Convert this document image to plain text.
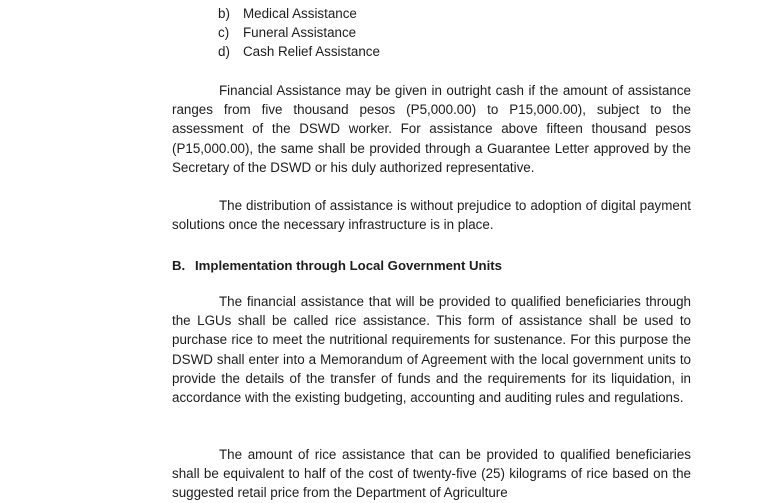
b) Medical Assistance
c) Funeral Assistance
d) Cash Relief Assistance

Financial Assistance may be given in outright cash if the amount of assistance ranges from five thousand pesos (P5,000.00) to P15,000.00), subject to the assessment of the DSWD worker. For assistance above fifteen thousand pesos (P15,000.00), the same shall be provided through a Guarantee Letter approved by the Secretary of the DSWD or his duly authorized representative.

The distribution of assistance is without prejudice to adoption of digital payment solutions once the necessary infrastructure is in place.

B. Implementation through Local Government Units

The financial assistance that will be provided to qualified beneficiaries through the LGUs shall be called rice assistance. This form of assistance shall be used to purchase rice to meet the nutritional requirements for sustenance. For this purpose the DSWD shall enter into a Memorandum of Agreement with the local government units to provide the details of the transfer of funds and the requirements for its liquidation, in accordance with the existing budgeting, accounting and auditing rules and regulations.

The amount of rice assistance that can be provided to qualified beneficiaries shall be equivalent to half of the cost of twenty-five (25) kilograms of rice based on the suggested retail price from the Department of Agriculture
